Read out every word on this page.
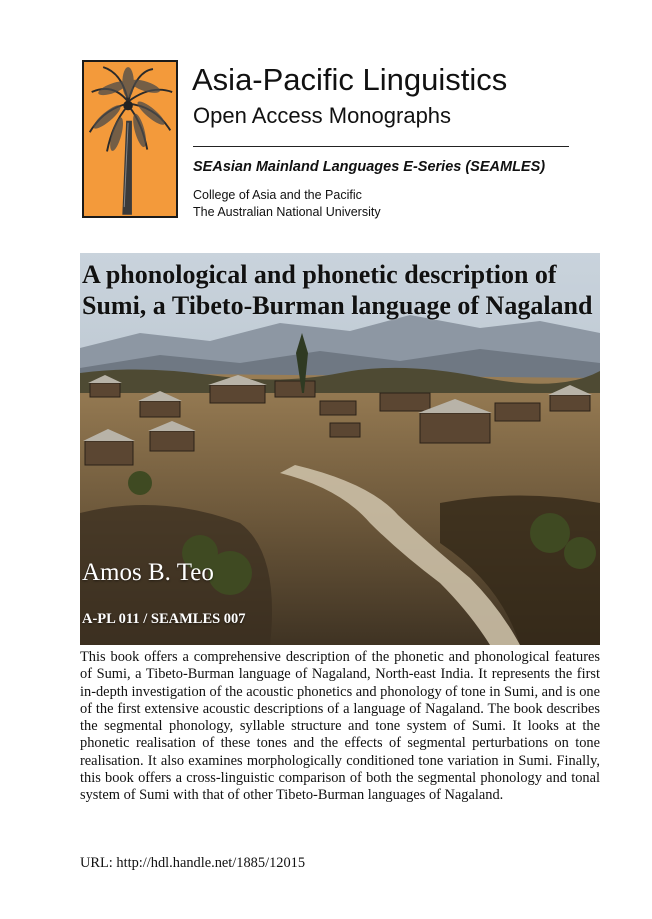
Asia-Pacific Linguistics
Open Access Monographs
SEAsian Mainland Languages E-Series (SEAMLES)
College of Asia and the Pacific
The Australian National University
A phonological and phonetic description of Sumi, a Tibeto-Burman language of Nagaland
Amos B. Teo
A-PL 011 / SEAMLES 007
This book offers a comprehensive description of the phonetic and phonological features of Sumi, a Tibeto-Burman language of Nagaland, North-east India. It represents the first in-depth investigation of the acoustic phonetics and phonology of tone in Sumi, and is one of the first extensive acoustic descriptions of a language of Nagaland. The book describes the segmental phonology, syllable structure and tone system of Sumi. It looks at the phonetic realisation of these tones and the effects of segmental perturbations on tone realisation. It also examines morphologically conditioned tone variation in Sumi. Finally, this book offers a cross-linguistic comparison of both the segmental phonology and tonal system of Sumi with that of other Tibeto-Burman languages of Nagaland.
URL: http://hdl.handle.net/1885/12015
